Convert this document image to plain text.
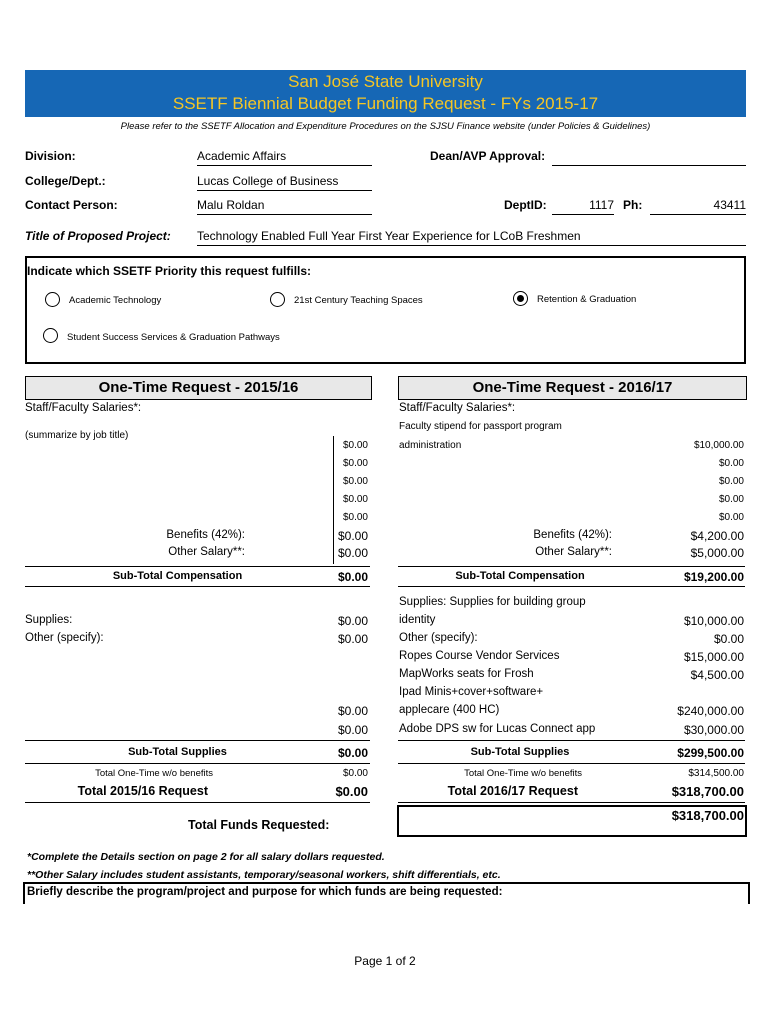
San José State University
SSETF Biennial Budget Funding Request - FYs 2015-17
Please refer to the SSETF Allocation and Expenditure Procedures on the SJSU Finance website (under Policies & Guidelines)
Division:	Academic Affairs	Dean/AVP Approval:
College/Dept.:	Lucas College of Business
Contact Person:	Malu Roldan	DeptID:	1117 Ph:	43411
Title of Proposed Project: Technology Enabled Full Year First Year Experience for LCoB Freshmen
Indicate which SSETF Priority this request fulfills:
Academic Technology	21st Century Teaching Spaces	Retention & Graduation
Student Success Services & Graduation Pathways
One-Time Request - 2015/16
Staff/Faculty Salaries*:
(summarize by job title)
$0.00
$0.00
$0.00
$0.00
$0.00
Benefits (42%):	$0.00
Other Salary**:	$0.00
Sub-Total Compensation	$0.00
Supplies:	$0.00
Other (specify):	$0.00
$0.00
$0.00
Sub-Total Supplies	$0.00
Total One-Time w/o benefits	$0.00
Total 2015/16 Request	$0.00
One-Time Request - 2016/17
Staff/Faculty Salaries*:
Faculty stipend for passport program
administration	$10,000.00
$0.00
$0.00
$0.00
$0.00
Benefits (42%):	$4,200.00
Other Salary**:	$5,000.00
Sub-Total Compensation	$19,200.00
Supplies: Supplies for building group
identity	$10,000.00
Other (specify):	$0.00
Ropes Course Vendor Services	$15,000.00
MapWorks seats for Frosh	$4,500.00
Ipad Minis+cover+software+
applecare (400 HC)	$240,000.00
Adobe DPS sw for Lucas Connect app	$30,000.00
Sub-Total Supplies	$299,500.00
Total One-Time w/o benefits	$314,500.00
Total 2016/17 Request	$318,700.00
Total Funds Requested:
$318,700.00
*Complete the Details section on page 2 for all salary dollars requested.
**Other Salary includes student assistants, temporary/seasonal workers, shift differentials, etc.
Briefly describe the program/project and purpose for which funds are being requested:
Page 1 of 2
